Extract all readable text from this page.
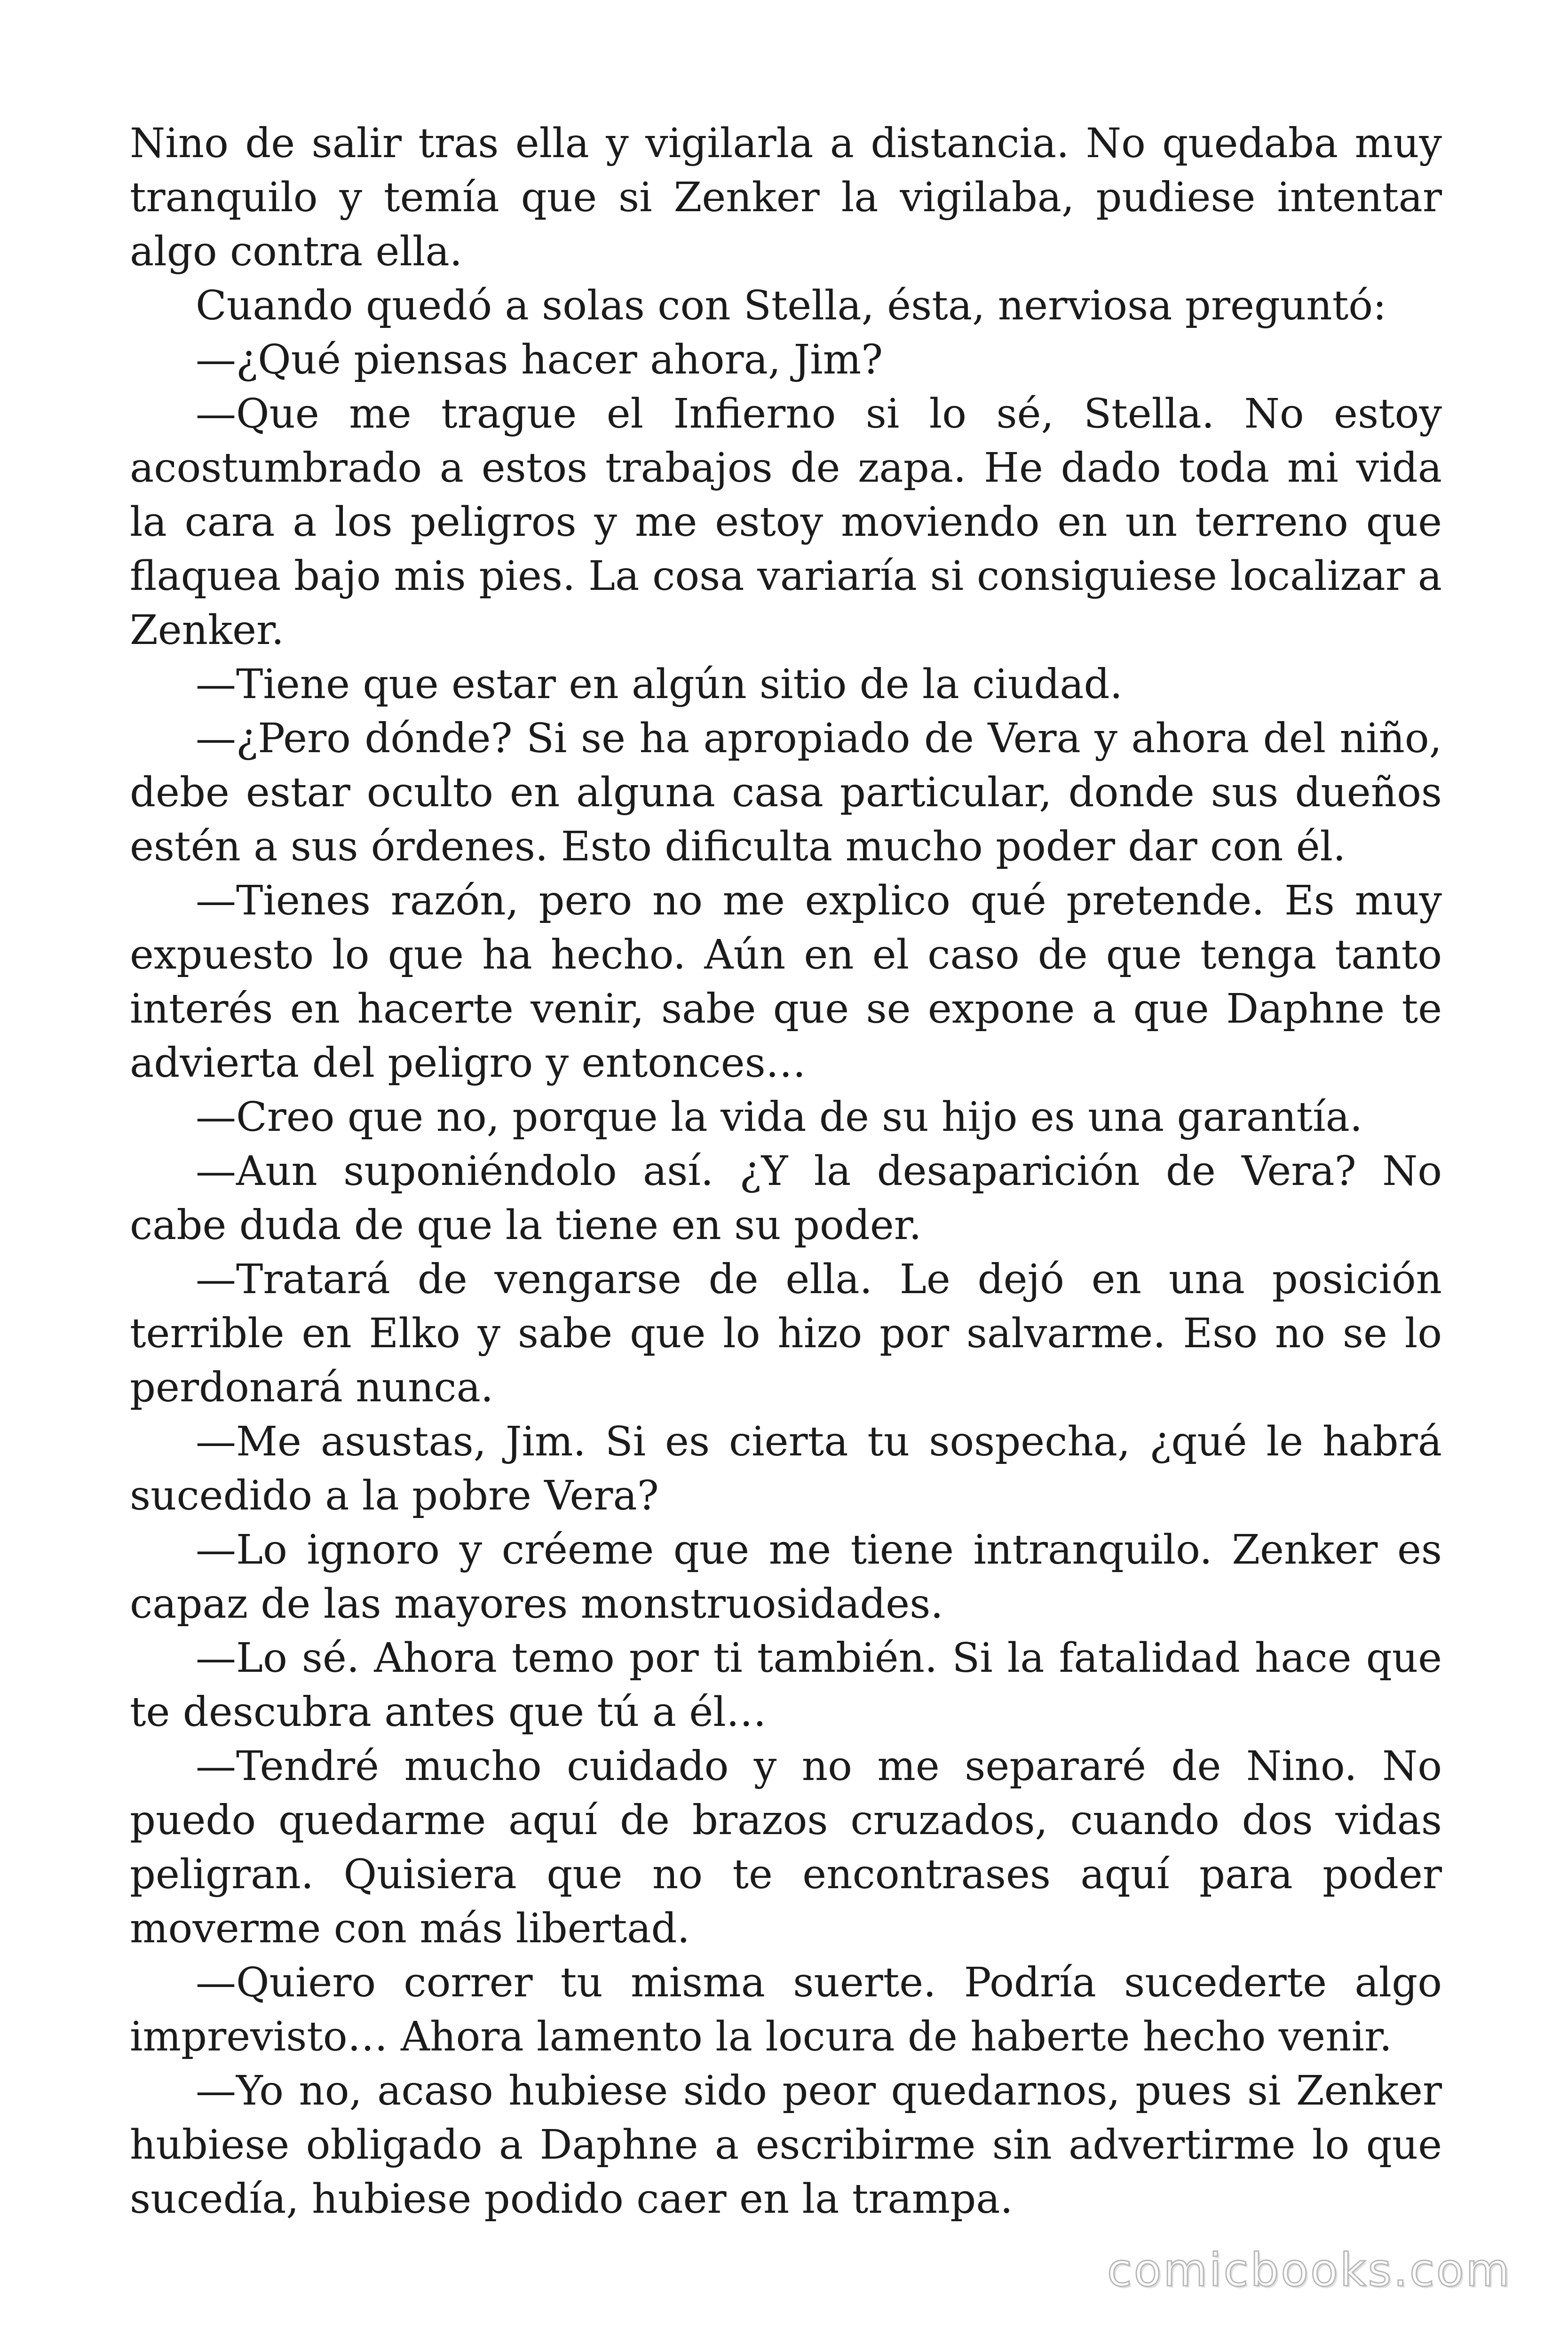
Nino de salir tras ella y vigilarla a distancia. No quedaba muy tranquilo y temía que si Zenker la vigilaba, pudiese intentar algo contra ella.

Cuando quedó a solas con Stella, ésta, nerviosa preguntó:

—¿Qué piensas hacer ahora, Jim?

—Que me trague el Infierno si lo sé, Stella. No estoy acostumbrado a estos trabajos de zapa. He dado toda mi vida la cara a los peligros y me estoy moviendo en un terreno que flaquea bajo mis pies. La cosa variaría si consiguiese localizar a Zenker.

—Tiene que estar en algún sitio de la ciudad.

—¿Pero dónde? Si se ha apropiado de Vera y ahora del niño, debe estar oculto en alguna casa particular, donde sus dueños estén a sus órdenes. Esto dificulta mucho poder dar con él.

—Tienes razón, pero no me explico qué pretende. Es muy expuesto lo que ha hecho. Aún en el caso de que tenga tanto interés en hacerte venir, sabe que se expone a que Daphne te advierta del peligro y entonces…

—Creo que no, porque la vida de su hijo es una garantía.

—Aun suponiéndolo así. ¿Y la desaparición de Vera? No cabe duda de que la tiene en su poder.

—Tratará de vengarse de ella. Le dejó en una posición terrible en Elko y sabe que lo hizo por salvarme. Eso no se lo perdonará nunca.

—Me asustas, Jim. Si es cierta tu sospecha, ¿qué le habrá sucedido a la pobre Vera?

—Lo ignoro y créeme que me tiene intranquilo. Zenker es capaz de las mayores monstruosidades.

—Lo sé. Ahora temo por ti también. Si la fatalidad hace que te descubra antes que tú a él…

—Tendré mucho cuidado y no me separaré de Nino. No puedo quedarme aquí de brazos cruzados, cuando dos vidas peligran. Quisiera que no te encontrases aquí para poder moverme con más libertad.

—Quiero correr tu misma suerte. Podría sucederte algo imprevisto… Ahora lamento la locura de haberte hecho venir.

—Yo no, acaso hubiese sido peor quedarnos, pues si Zenker hubiese obligado a Daphne a escribirme sin advertirme lo que sucedía, hubiese podido caer en la trampa.

comicbooks.com
